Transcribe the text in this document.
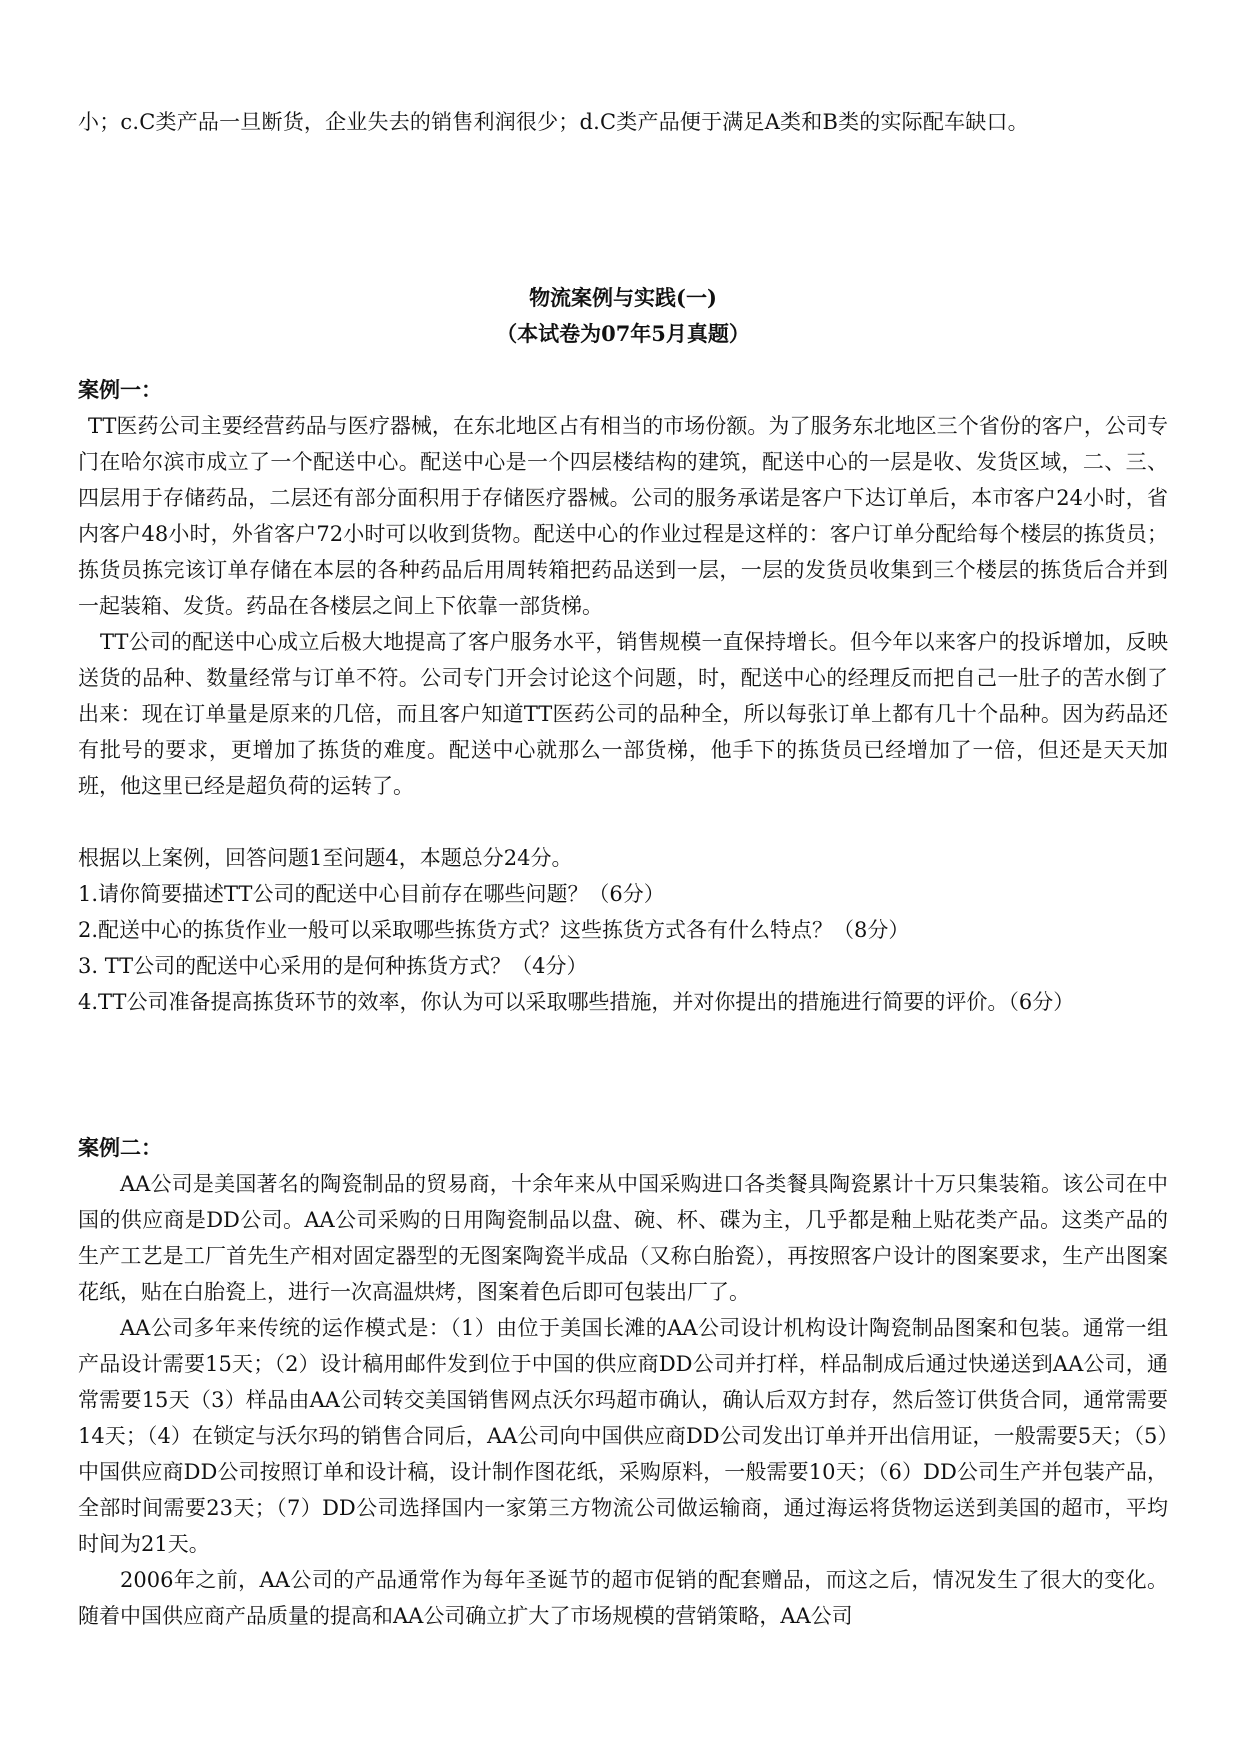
小；c.C类产品一旦断货，企业失去的销售利润很少；d.C类产品便于满足A类和B类的实际配车缺口。

物流案例与实践(一)
（本试卷为07年5月真题）
案例一：

TT医药公司主要经营药品与医疗器械，在东北地区占有相当的市场份额。为了服务东北地区三个省份的客户，公司专门在哈尔滨市成立了一个配送中心。配送中心是一个四层楼结构的建筑，配送中心的一层是收、发货区域，二、三、四层用于存储药品，二层还有部分面积用于存储医疗器械。公司的服务承诺是客户下达订单后，本市客户24小时，省内客户48小时，外省客户72小时可以收到货物。配送中心的作业过程是这样的：客户订单分配给每个楼层的拣货员；拣货员拣完该订单存储在本层的各种药品后用周转箱把药品送到一层，一层的发货员收集到三个楼层的拣货后合并到一起装箱、发货。药品在各楼层之间上下依靠一部货梯。

TT公司的配送中心成立后极大地提高了客户服务水平，销售规模一直保持增长。但今年以来客户的投诉增加，反映送货的品种、数量经常与订单不符。公司专门开会讨论这个问题，时，配送中心的经理反而把自己一肚子的苦水倒了出来：现在订单量是原来的几倍，而且客户知道TT医药公司的品种全，所以每张订单上都有几十个品种。因为药品还有批号的要求，更增加了拣货的难度。配送中心就那么一部货梯，他手下的拣货员已经增加了一倍，但还是天天加班，他这里已经是超负荷的运转了。

根据以上案例，回答问题1至问题4，本题总分24分。

1.请你简要描述TT公司的配送中心目前存在哪些问题？（6分）

2.配送中心的拣货作业一般可以采取哪些拣货方式？这些拣货方式各有什么特点？（8分）

3. TT公司的配送中心采用的是何种拣货方式？（4分）

4.TT公司准备提高拣货环节的效率，你认为可以采取哪些措施，并对你提出的措施进行简要的评价。（6分）

案例二：

AA公司是美国著名的陶瓷制品的贸易商，十余年来从中国采购进口各类餐具陶瓷累计十万只集装箱。该公司在中国的供应商是DD公司。AA公司采购的日用陶瓷制品以盘、碗、杯、碟为主，几乎都是釉上贴花类产品。这类产品的生产工艺是工厂首先生产相对固定器型的无图案陶瓷半成品（又称白胎瓷），再按照客户设计的图案要求，生产出图案花纸，贴在白胎瓷上，进行一次高温烘烤，图案着色后即可包装出厂了。

AA公司多年来传统的运作模式是：（1）由位于美国长滩的AA公司设计机构设计陶瓷制品图案和包装。通常一组产品设计需要15天；（2）设计稿用邮件发到位于中国的供应商DD公司并打样，样品制成后通过快递送到AA公司，通常需要15天（3）样品由AA公司转交美国销售网点沃尔玛超市确认，确认后双方封存，然后签订供货合同，通常需要14天；（4）在锁定与沃尔玛的销售合同后，AA公司向中国供应商DD公司发出订单并开出信用证，一般需要5天；（5）中国供应商DD公司按照订单和设计稿，设计制作图花纸，采购原料，一般需要10天；（6）DD公司生产并包装产品，全部时间需要23天；（7）DD公司选择国内一家第三方物流公司做运输商，通过海运将货物运送到美国的超市，平均时间为21天。

2006年之前，AA公司的产品通常作为每年圣诞节的超市促销的配套赠品，而这之后，情况发生了很大的变化。随着中国供应商产品质量的提高和AA公司确立扩大了市场规模的营销策略，AA公司
